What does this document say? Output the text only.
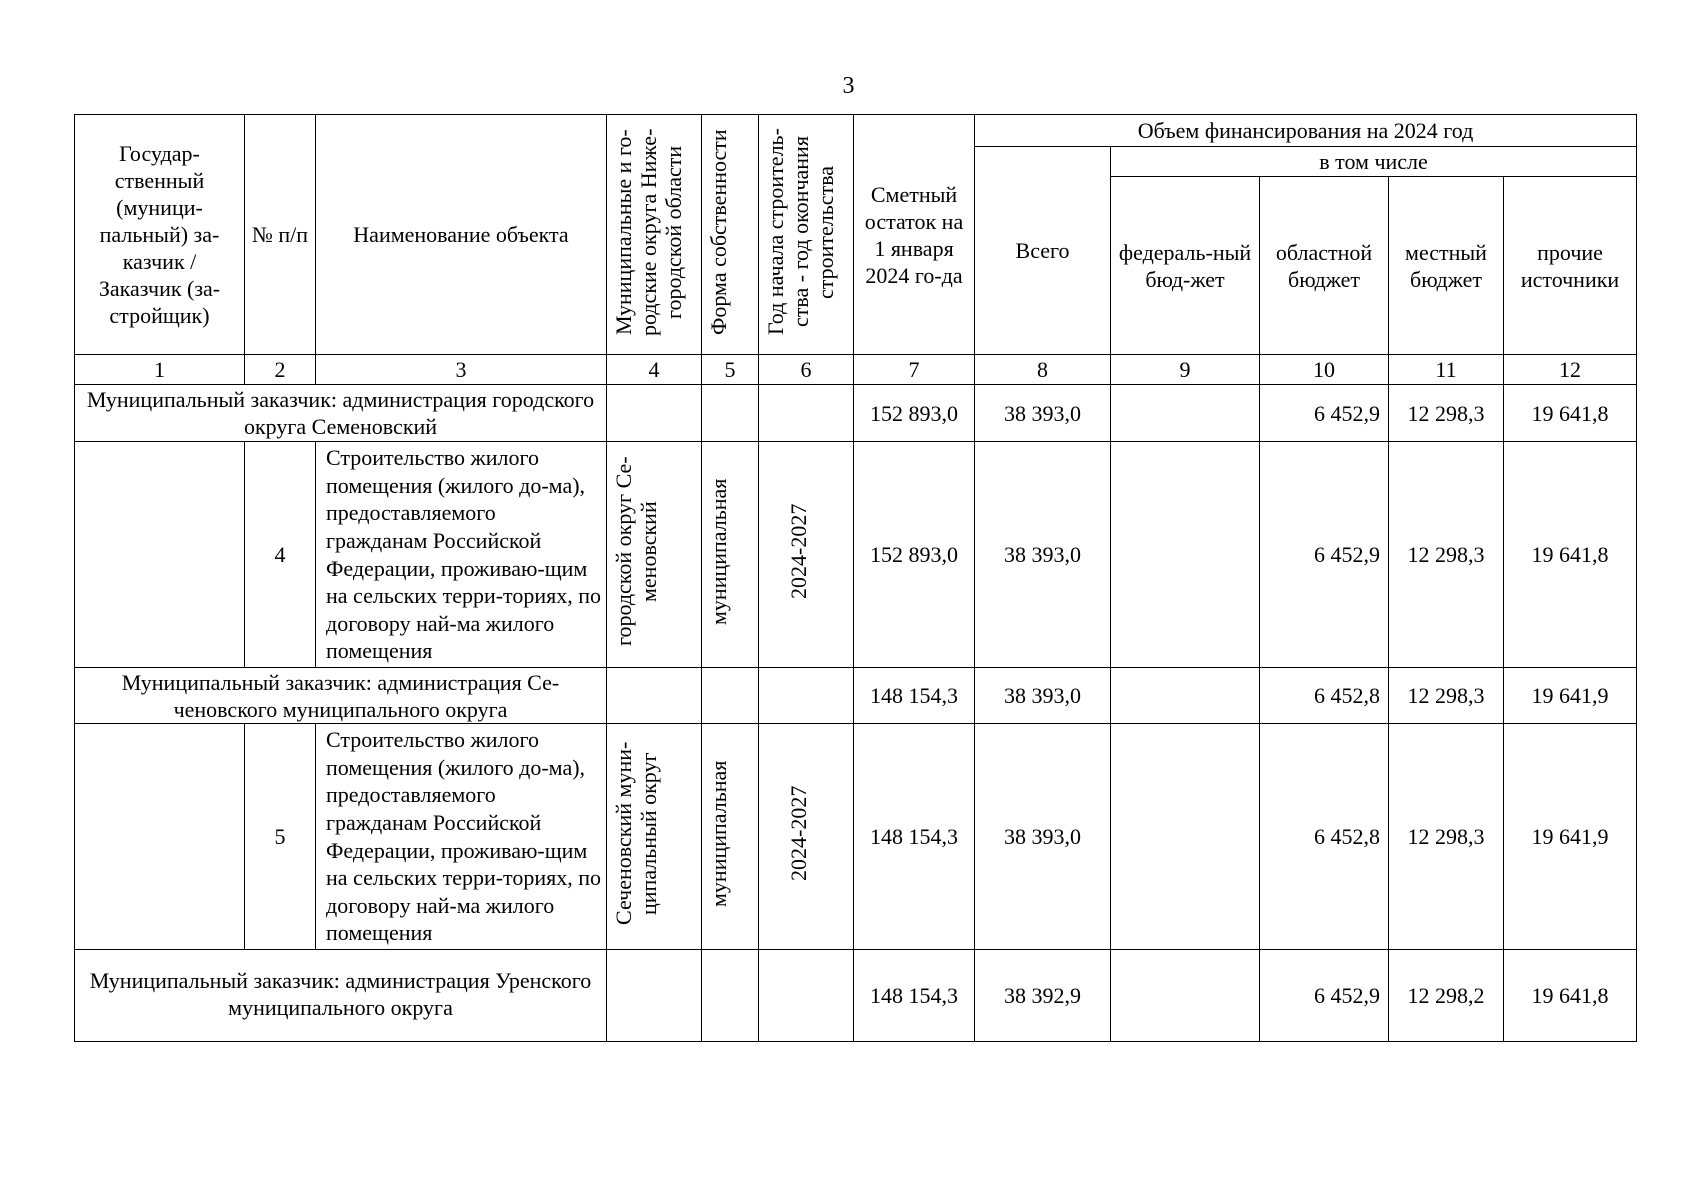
3
Государ-ственный (муници-пальный) за-казчик / Заказчик (за-стройщик)	№ п/п	Наименование объекта	Муниципальные и го-родские округа Ниже-городской области	Форма собственности	Год начала строитель-ства - год окончания строительства	Сметный остаток на 1 января 2024 го-да	Объем финансирования на 2024 год				
							Всего	в том числе			
								федераль-ный бюд-жет	областной бюджет	местный бюджет	прочие источники
1	2	3	4	5	6	7	8	9	10	11	12
Муниципальный заказчик: администрация городского округа Семеновский						152 893,0	38 393,0		6 452,9	12 298,3	19 641,8
	4	Строительство жилого помещения (жилого до-ма), предоставляемого гражданам Российской Федерации, проживаю-щим на сельских терри-ториях, по договору най-ма жилого помещения	городской округ Се-меновский	муниципальная	2024-2027	152 893,0	38 393,0		6 452,9	12 298,3	19 641,8
Муниципальный заказчик: администрация Се-ченовского муниципального округа						148 154,3	38 393,0		6 452,8	12 298,3	19 641,9
	5	Строительство жилого помещения (жилого до-ма), предоставляемого гражданам Российской Федерации, проживаю-щим на сельских терри-ториях, по договору най-ма жилого помещения	Сеченовский муни-ципальный округ	муниципальная	2024-2027	148 154,3	38 393,0		6 452,8	12 298,3	19 641,9
Муниципальный заказчик: администрация Уренского муниципального округа						148 154,3	38 392,9		6 452,9	12 298,2	19 641,8
